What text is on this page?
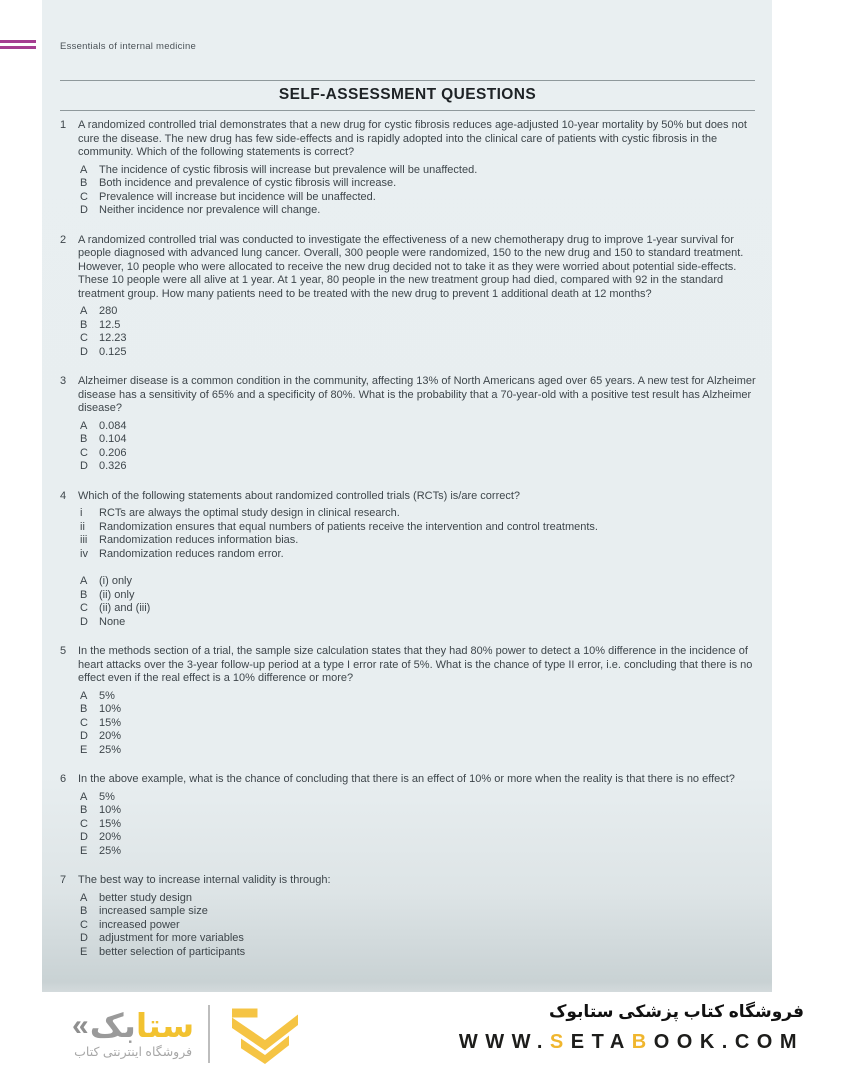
Essentials of internal medicine
SELF-ASSESSMENT QUESTIONS
1	A randomized controlled trial demonstrates that a new drug for cystic fibrosis reduces age-adjusted 10-year mortality by 50% but does not cure the disease. The new drug has few side-effects and is rapidly adopted into the clinical care of patients with cystic fibrosis in the community. Which of the following statements is correct?
A	The incidence of cystic fibrosis will increase but prevalence will be unaffected.
B	Both incidence and prevalence of cystic fibrosis will increase.
C	Prevalence will increase but incidence will be unaffected.
D	Neither incidence nor prevalence will change.
2	A randomized controlled trial was conducted to investigate the effectiveness of a new chemotherapy drug to improve 1-year survival for people diagnosed with advanced lung cancer. Overall, 300 people were randomized, 150 to the new drug and 150 to standard treatment. However, 10 people who were allocated to receive the new drug decided not to take it as they were worried about potential side-effects. These 10 people were all alive at 1 year. At 1 year, 80 people in the new treatment group had died, compared with 92 in the standard treatment group. How many patients need to be treated with the new drug to prevent 1 additional death at 12 months?
A	280
B	12.5
C	12.23
D	0.125
3	Alzheimer disease is a common condition in the community, affecting 13% of North Americans aged over 65 years. A new test for Alzheimer disease has a sensitivity of 65% and a specificity of 80%. What is the probability that a 70-year-old with a positive test result has Alzheimer disease?
A	0.084
B	0.104
C	0.206
D	0.326
4	Which of the following statements about randomized controlled trials (RCTs) is/are correct?
i	RCTs are always the optimal study design in clinical research.
ii	Randomization ensures that equal numbers of patients receive the intervention and control treatments.
iii	Randomization reduces information bias.
iv	Randomization reduces random error.
A	(i) only
B	(ii) only
C	(ii) and (iii)
D	None
5	In the methods section of a trial, the sample size calculation states that they had 80% power to detect a 10% difference in the incidence of heart attacks over the 3-year follow-up period at a type I error rate of 5%. What is the chance of type II error, i.e. concluding that there is no effect even if the real effect is a 10% difference or more?
A	5%
B	10%
C	15%
D	20%
E	25%
6	In the above example, what is the chance of concluding that there is an effect of 10% or more when the reality is that there is no effect?
A	5%
B	10%
C	15%
D	20%
E	25%
7	The best way to increase internal validity is through:
A	better study design
B	increased sample size
C	increased power
D	adjustment for more variables
E	better selection of participants
« بک ستا
فروشگاه اینترنتی کتاب
فروشگاه کتاب پزشکی ستابوک
WWW.SETABOOK.COM
